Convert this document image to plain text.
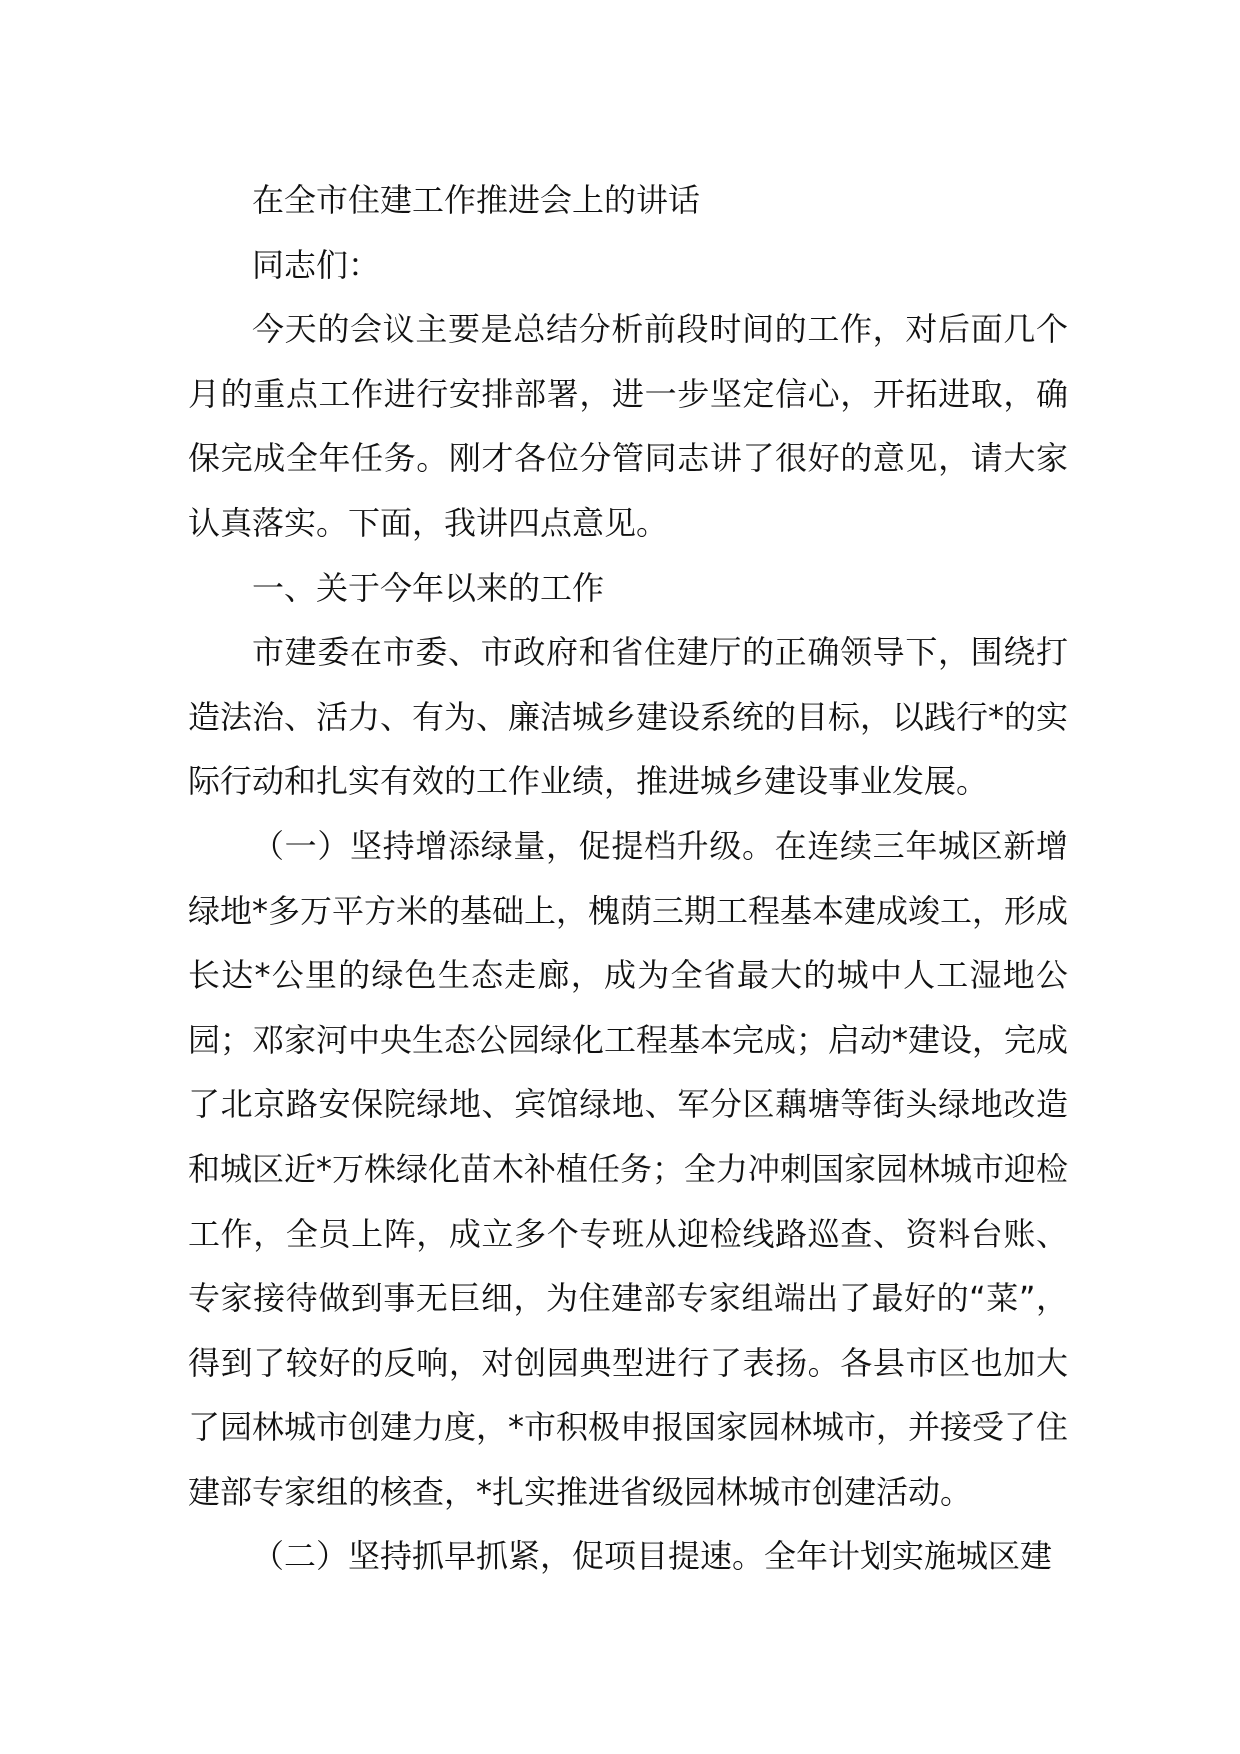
在全市住建工作推进会上的讲话

同志们：

今天的会议主要是总结分析前段时间的工作，对后面几个月的重点工作进行安排部署，进一步坚定信心，开拓进取，确保完成全年任务。刚才各位分管同志讲了很好的意见，请大家认真落实。下面，我讲四点意见。

一、关于今年以来的工作

市建委在市委、市政府和省住建厅的正确领导下，围绕打造法治、活力、有为、廉洁城乡建设系统的目标，以践行*的实际行动和扎实有效的工作业绩，推进城乡建设事业发展。

（一）坚持增添绿量，促提档升级。在连续三年城区新增绿地*多万平方米的基础上，槐荫三期工程基本建成竣工，形成长达*公里的绿色生态走廊，成为全省最大的城中人工湿地公园；邓家河中央生态公园绿化工程基本完成；启动*建设，完成了北京路安保院绿地、宾馆绿地、军分区藕塘等街头绿地改造和城区近*万株绿化苗木补植任务；全力冲刺国家园林城市迎检工作，全员上阵，成立多个专班从迎检线路巡查、资料台账、专家接待做到事无巨细，为住建部专家组端出了最好的“菜”，得到了较好的反响，对创园典型进行了表扬。各县市区也加大了园林城市创建力度，*市积极申报国家园林城市，并接受了住建部专家组的核查，*扎实推进省级园林城市创建活动。

（二）坚持抓早抓紧，促项目提速。全年计划实施城区建
